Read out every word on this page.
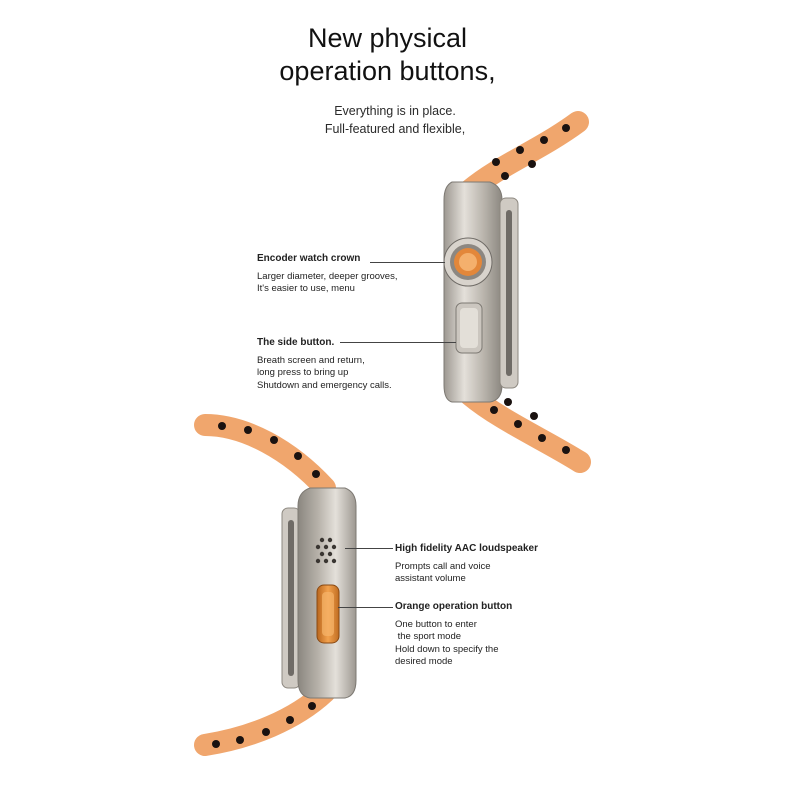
New physical
operation buttons,
Everything is in place.
Full-featured and flexible,
Encoder watch crown
Larger diameter, deeper grooves,
It's easier to use, menu
The side button.
Breath screen and return,
long press to bring up
Shutdown and emergency calls.
High fidelity AAC loudspeaker
Prompts call and voice
assistant volume
Orange operation button
One button to enter
the sport mode
Hold down to specify the
desired mode
